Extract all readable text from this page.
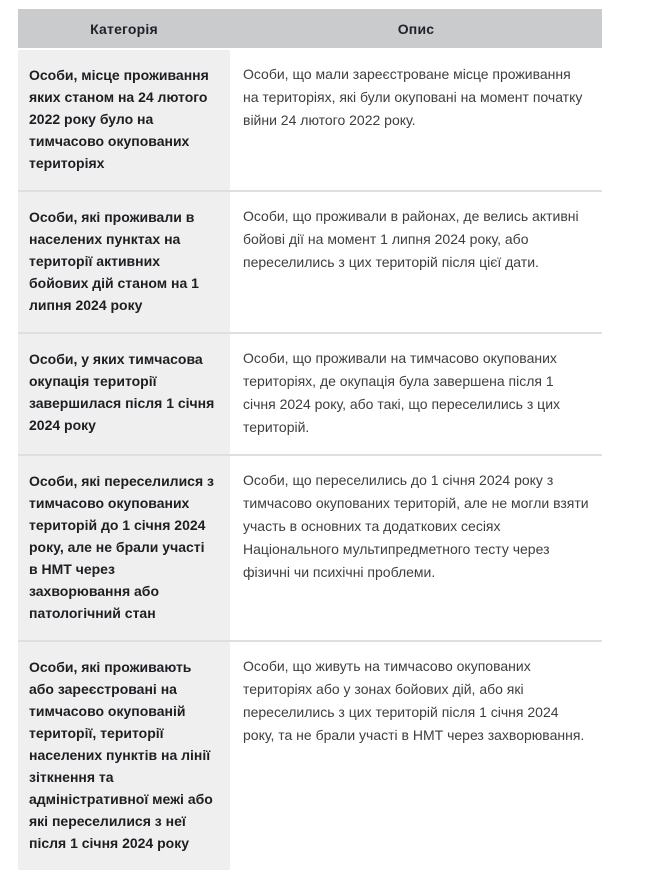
Категорія	Опис
Особи, місце проживання яких станом на 24 лютого 2022 року було на тимчасово окупованих територіях
Особи, що мали зареєстроване місце проживання на територіях, які були окуповані на момент початку війни 24 лютого 2022 року.
Особи, які проживали в населених пунктах на території активних бойових дій станом на 1 липня 2024 року
Особи, що проживали в районах, де велись активні бойові дії на момент 1 липня 2024 року, або переселились з цих територій після цієї дати.
Особи, у яких тимчасова окупація території завершилася після 1 січня 2024 року
Особи, що проживали на тимчасово окупованих територіях, де окупація була завершена після 1 січня 2024 року, або такі, що переселились з цих територій.
Особи, які переселилися з тимчасово окупованих територій до 1 січня 2024 року, але не брали участі в НМТ через захворювання або патологічний стан
Особи, що переселились до 1 січня 2024 року з тимчасово окупованих територій, але не могли взяти участь в основних та додаткових сесіях Національного мультипредметного тесту через фізичні чи психічні проблеми.
Особи, які проживають або зареєстровані на тимчасово окупованій території, території населених пунктів на лінії зіткнення та адміністративної межі або які переселилися з неї після 1 січня 2024 року
Особи, що живуть на тимчасово окупованих територіях або у зонах бойових дій, або які переселились з цих територій після 1 січня 2024 року, та не брали участі в НМТ через захворювання.
